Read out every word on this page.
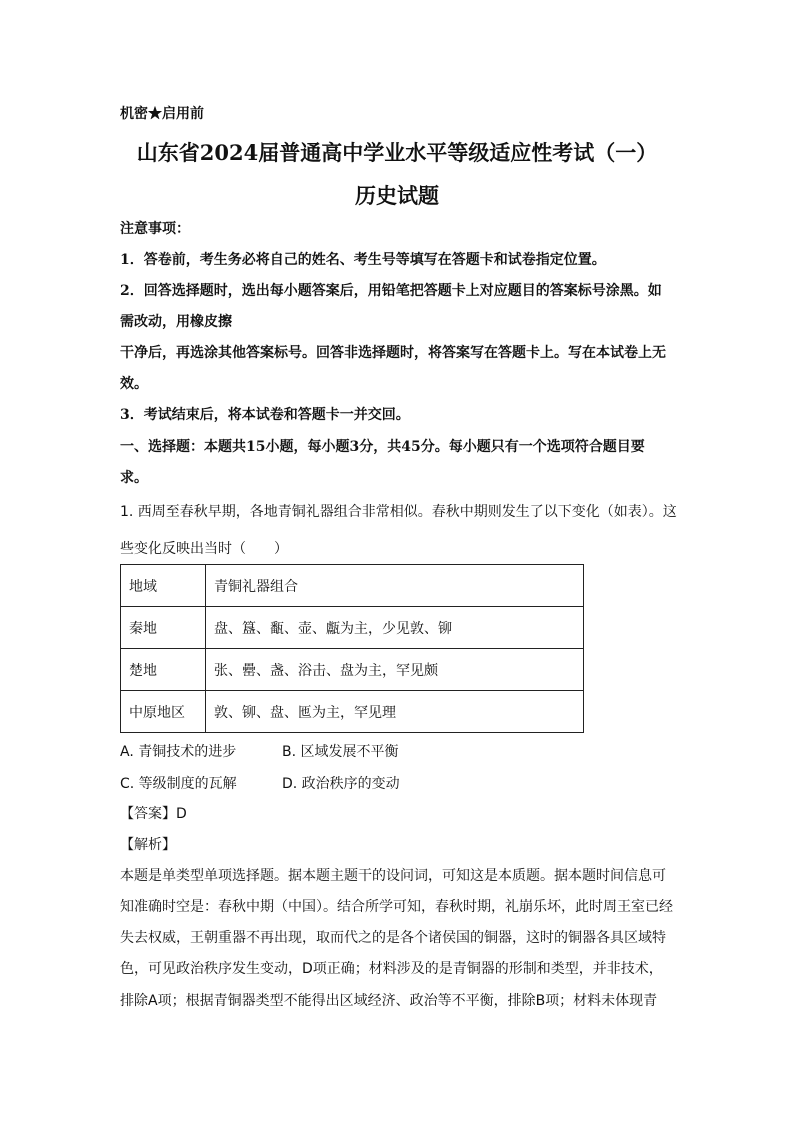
机密★启用前
山东省2024届普通高中学业水平等级适应性考试（一）
历史试题
注意事项：
1．答卷前，考生务必将自己的姓名、考生号等填写在答题卡和试卷指定位置。
2．回答选择题时，选出每小题答案后，用铅笔把答题卡上对应题目的答案标号涂黑。如
需改动，用橡皮擦
干净后，再选涂其他答案标号。回答非选择题时，将答案写在答题卡上。写在本试卷上无
效。
3．考试结束后，将本试卷和答题卡一并交回。
一、选择题：本题共15小题，每小题3分，共45分。每小题只有一个选项符合题目要
求。
1. 西周至春秋早期，各地青铜礼器组合非常相似。春秋中期则发生了以下变化（如表）。这
些变化反映出当时（　　）
地域	青铜礼器组合
秦地	盘、簋、㽃、壶、甗为主，少见敦、铆
楚地	张、罍、盏、浴击、盘为主，罕见颇
中原地区	敦、铆、盘、匜为主，罕见理
A. 青铜技术的进步	B. 区域发展不平衡
C. 等级制度的瓦解	D. 政治秩序的变动
【答案】D
【解析】
本题是单类型单项选择题。据本题主题干的设问词，可知这是本质题。据本题时间信息可
知准确时空是：春秋中期（中国）。结合所学可知，春秋时期，礼崩乐坏，此时周王室已经
失去权威，王朝重器不再出现，取而代之的是各个诸侯国的铜器，这时的铜器各具区域特
色，可见政治秩序发生变动，D项正确；材料涉及的是青铜器的形制和类型，并非技术，
排除A项；根据青铜器类型不能得出区域经济、政治等不平衡，排除B项；材料未体现青
